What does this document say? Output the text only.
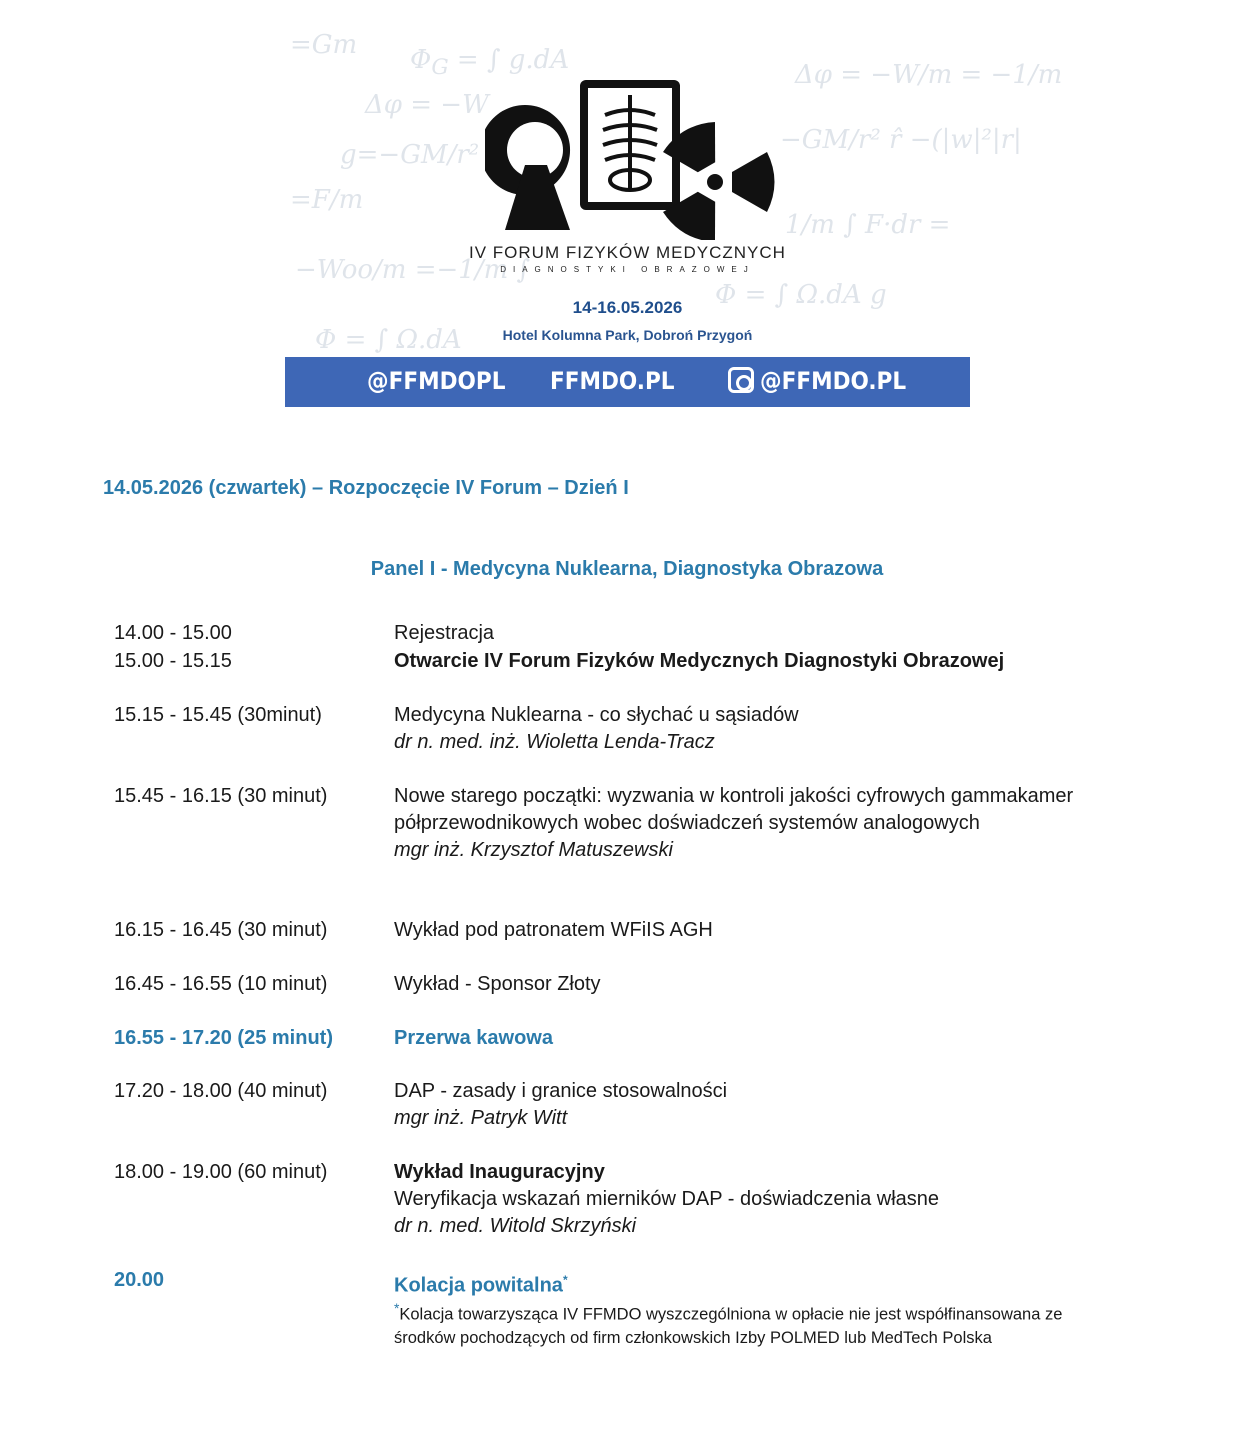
=Gm $\Phi_G$ = ∫ g.dA	Δφ = −W/m = −1/m
Δφ = −W
g=−GM/r²	−GM/r² r̂ −(|w|²|r|
=F/m
−Woo/m =−1/m ∫
1/m ∫ F·dr =
Φ = ∫ Ω.dA g
Φ = ∫ Ω.dA
IV FORUM FIZYKÓW MEDYCZNYCH
DIAGNOSTYKI OBRAZOWEJ
14-16.05.2026
Hotel Kolumna Park, Dobroń Przygoń
@FFMDOPL FFMDO.PL	@FFMDO.PL
14.05.2026 (czwartek) – Rozpoczęcie IV Forum – Dzień I
Panel I - Medycyna Nuklearna, Diagnostyka Obrazowa
14.00 - 15.00	Rejestracja
15.00 - 15.15	Otwarcie IV Forum Fizyków Medycznych Diagnostyki Obrazowej
15.15 - 15.45 (30minut)	Medycyna Nuklearna - co słychać u sąsiadów
dr n. med. inż. Wioletta Lenda-Tracz
15.45 - 16.15 (30 minut)	Nowe starego początki: wyzwania w kontroli jakości cyfrowych gammakamer półprzewodnikowych wobec doświadczeń systemów analogowych
mgr inż. Krzysztof Matuszewski
16.15 - 16.45 (30 minut)	Wykład pod patronatem WFiIS AGH
16.45 - 16.55 (10 minut)	Wykład - Sponsor Złoty
16.55 - 17.20 (25 minut)	Przerwa kawowa
17.20 - 18.00 (40 minut)	DAP - zasady i granice stosowalności
mgr inż. Patryk Witt
18.00 - 19.00 (60 minut)	Wykład Inauguracyjny
Weryfikacja wskazań mierników DAP - doświadczenia własne
dr n. med. Witold Skrzyński
20.00	Kolacja powitalna*
*Kolacja towarzysząca IV FFMDO wyszczególniona w opłacie nie jest współfinansowana ze środków pochodzących od firm członkowskich Izby POLMED lub MedTech Polska
